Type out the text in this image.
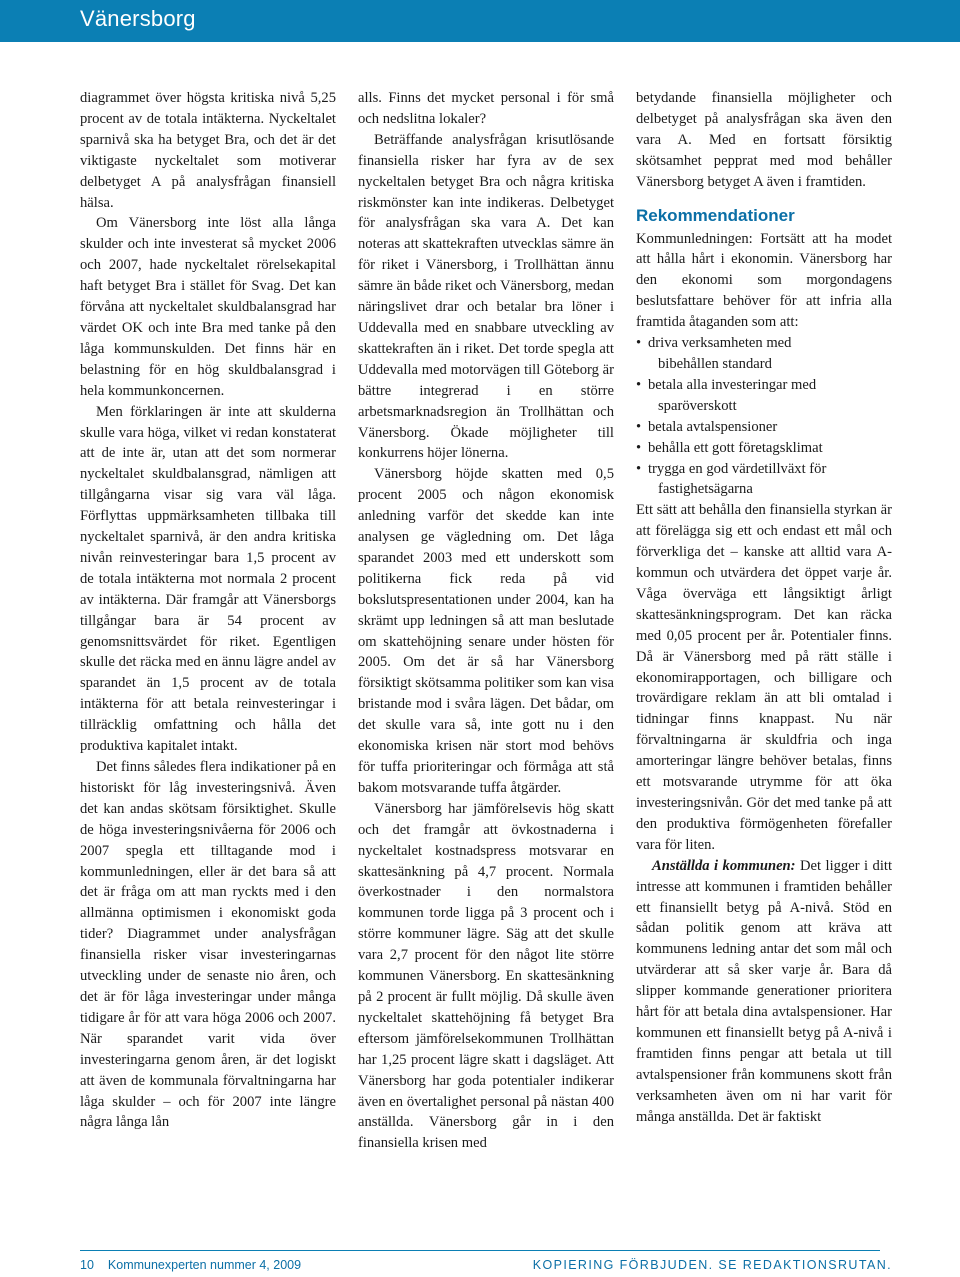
Vänersborg

diagrammet över högsta kritiska nivå 5,25 procent av de totala intäkterna. Nyckeltalet sparnivå ska ha betyget Bra, och det är det viktigaste nyckeltalet som motiverar delbetyget A på analysfrågan finansiell hälsa.

Om Vänersborg inte löst alla långa skulder och inte investerat så mycket 2006 och 2007, hade nyckeltalet rörelsekapital haft betyget Bra i stället för Svag. Det kan förvåna att nyckeltalet skuldbalansgrad har värdet OK och inte Bra med tanke på den låga kommunskulden. Det finns här en belastning för en hög skuldbalansgrad i hela kommunkoncernen.

Men förklaringen är inte att skulderna skulle vara höga, vilket vi redan konstaterat att de inte är, utan att det som normerar nyckeltalet skuldbalansgrad, nämligen att tillgångarna visar sig vara väl låga. Förflyttas uppmärksamheten tillbaka till nyckeltalet sparnivå, är den andra kritiska nivån reinvesteringar bara 1,5 procent av de totala intäkterna mot normala 2 procent av intäkterna. Där framgår att Vänersborgs tillgångar bara är 54 procent av genomsnittsvärdet för riket. Egentligen skulle det räcka med en ännu lägre andel av sparandet än 1,5 procent av de totala intäkterna för att betala reinvesteringar i tillräcklig omfattning och hålla det produktiva kapitalet intakt.

Det finns således flera indikationer på en historiskt för låg investeringsnivå. Även det kan andas skötsam försiktighet. Skulle de höga investeringsnivåerna för 2006 och 2007 spegla ett tilltagande mod i kommunledningen, eller är det bara så att det är fråga om att man ryckts med i den allmänna optimismen i ekonomiskt goda tider? Diagrammet under analysfrågan finansiella risker visar investeringarnas utveckling under de senaste nio åren, och det är för låga investeringar under många tidigare år för att vara höga 2006 och 2007. När sparandet varit vida över investeringarna genom åren, är det logiskt att även de kommunala förvaltningarna har låga skulder – och för 2007 inte längre några långa lån

alls. Finns det mycket personal i för små och nedslitna lokaler?

Beträffande analysfrågan krisutlösande finansiella risker har fyra av de sex nyckeltalen betyget Bra och några kritiska riskmönster kan inte indikeras. Delbetyget för analysfrågan ska vara A. Det kan noteras att skattekraften utvecklas sämre än för riket i Vänersborg, i Trollhättan ännu sämre än både riket och Vänersborg, medan näringslivet drar och betalar bra löner i Uddevalla med en snabbare utveckling av skattekraften än i riket. Det torde spegla att Uddevalla med motorvägen till Göteborg är bättre integrerad i en större arbetsmarknadsregion än Trollhättan och Vänersborg. Ökade möjligheter till konkurrens höjer lönerna.

Vänersborg höjde skatten med 0,5 procent 2005 och någon ekonomisk anledning varför det skedde kan inte analysen ge vägledning om. Det låga sparandet 2003 med ett underskott som politikerna fick reda på vid bokslutspresentationen under 2004, kan ha skrämt upp ledningen så att man beslutade om skattehöjning senare under hösten för 2005. Om det är så har Vänersborg försiktigt skötsamma politiker som kan visa bristande mod i svåra lägen. Det bådar, om det skulle vara så, inte gott nu i den ekonomiska krisen när stort mod behövs för tuffa prioriteringar och förmåga att stå bakom motsvarande tuffa åtgärder.

Vänersborg har jämförelsevis hög skatt och det framgår att övkostnaderna i nyckeltalet kostnadspress motsvarar en skattesänkning på 4,7 procent. Normala överkostnader i den normalstora kommunen torde ligga på 3 procent och i större kommuner lägre. Säg att det skulle vara 2,7 procent för den något lite större kommunen Vänersborg. En skattesänkning på 2 procent är fullt möjlig. Då skulle även nyckeltalet skattehöjning få betyget Bra eftersom jämförelsekommunen Trollhättan har 1,25 procent lägre skatt i dagsläget. Att Vänersborg har goda potentialer indikerar även en övertalighet personal på nästan 400 anställda. Vänersborg går in i den finansiella krisen med

betydande finansiella möjligheter och delbetyget på analysfrågan ska även den vara A. Med en fortsatt försiktig skötsamhet pepprat med mod behåller Vänersborg betyget A även i framtiden.

Rekommendationer

Kommunledningen: Fortsätt att ha modet att hålla hårt i ekonomin. Vänersborg har den ekonomi som morgondagens beslutsfattare behöver för att infria alla framtida åtaganden som att:

• driva verksamheten med
bibehållen standard
• betala alla investeringar med
sparöverskott
• betala avtalspensioner
• behålla ett gott företagsklimat
• trygga en god värdetillväxt för
fastighetsägarna

Ett sätt att behålla den finansiella styrkan är att förelägga sig ett och endast ett mål och förverkliga det – kanske att alltid vara A-kommun och utvärdera det öppet varje år. Våga överväga ett långsiktigt årligt skattesänkningsprogram. Det kan räcka med 0,05 procent per år. Potentialer finns. Då är Vänersborg med på rätt ställe i ekonomirapportagen, och billigare och trovärdigare reklam än att bli omtalad i tidningar finns knappast. Nu när förvaltningarna är skuldfria och inga amorteringar längre behöver betalas, finns ett motsvarande utrymme för att öka investeringsnivån. Gör det med tanke på att den produktiva förmögenheten förefaller vara för liten.

Anställda i kommunen: Det ligger i ditt intresse att kommunen i framtiden behåller ett finansiellt betyg på A-nivå. Stöd en sådan politik genom att kräva att kommunens ledning antar det som mål och utvärderar att så sker varje år. Bara då slipper kommande generationer prioritera hårt för att betala dina avtalspensioner. Har kommunen ett finansiellt betyg på A-nivå i framtiden finns pengar att betala ut till avtalspensioner från kommunens skott från verksamheten även om ni har varit för många anställda. Det är faktiskt

10 Kommunexperten nummer 4, 2009	KOPIERING FÖRBJUDEN. SE REDAKTIONSRUTAN.
